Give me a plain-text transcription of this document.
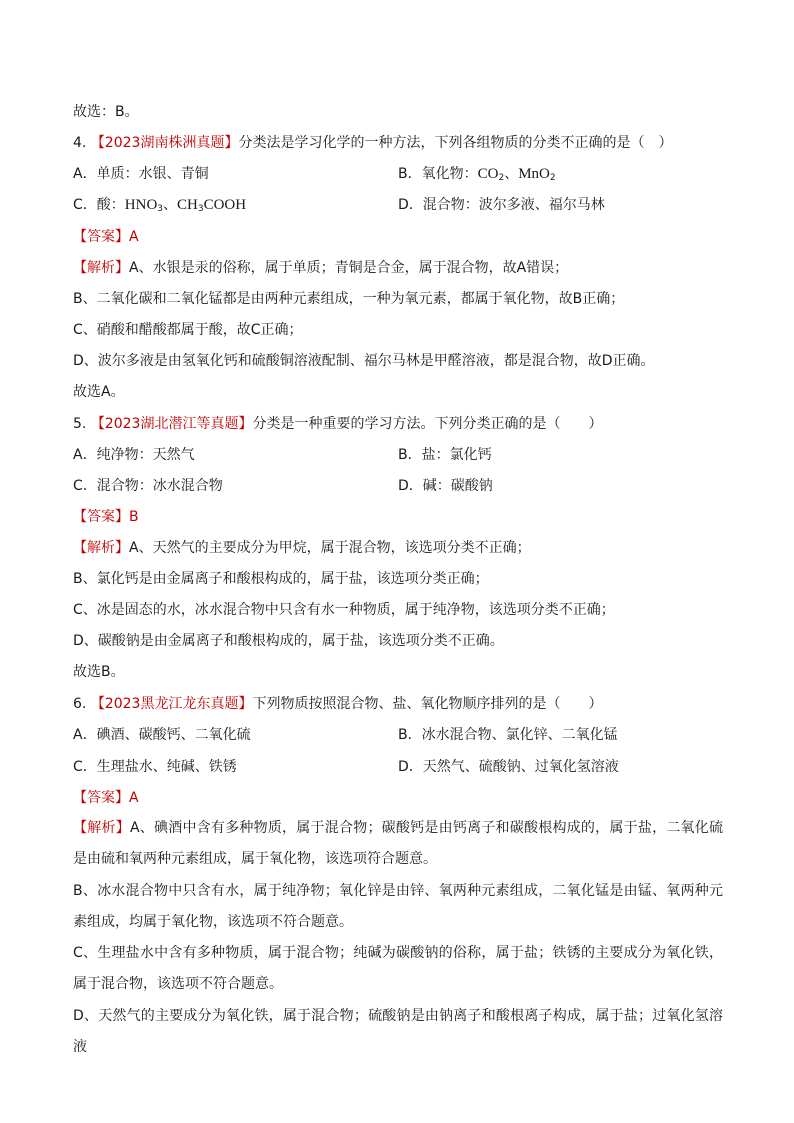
故选：B。
4. 【2023湖南株洲真题】分类法是学习化学的一种方法，下列各组物质的分类不正确的是（　）
A．单质：水银、青铜	B．氧化物：$CO_2$、MnO$_2$
C．酸：$HNO_3$、$CH_3COOH$	D．混合物：波尔多液、福尔马林
【答案】A
【解析】A、水银是汞的俗称，属于单质；青铜是合金，属于混合物，故A错误；
B、二氧化碳和二氧化锰都是由两种元素组成，一种为氧元素，都属于氧化物，故B正确；
C、硝酸和醋酸都属于酸，故C正确；
D、波尔多液是由氢氧化钙和硫酸铜溶液配制、福尔马林是甲醛溶液，都是混合物，故D正确。
故选A。
5. 【2023湖北潜江等真题】分类是一种重要的学习方法。下列分类正确的是（　　）
A．纯净物：天然气	B．盐：氯化钙
C．混合物：冰水混合物	D．碱：碳酸钠
【答案】B
【解析】A、天然气的主要成分为甲烷，属于混合物，该选项分类不正确；
B、氯化钙是由金属离子和酸根构成的，属于盐，该选项分类正确；
C、冰是固态的水，冰水混合物中只含有水一种物质，属于纯净物，该选项分类不正确；
D、碳酸钠是由金属离子和酸根构成的，属于盐，该选项分类不正确。
故选B。
6. 【2023黑龙江龙东真题】下列物质按照混合物、盐、氧化物顺序排列的是（　　）
A．碘酒、碳酸钙、二氧化硫	B．冰水混合物、氯化锌、二氧化锰
C．生理盐水、纯碱、铁锈	D．天然气、硫酸钠、过氧化氢溶液
【答案】A
【解析】A、碘酒中含有多种物质，属于混合物；碳酸钙是由钙离子和碳酸根构成的，属于盐，二氧化硫是由硫和氧两种元素组成，属于氧化物，该选项符合题意。
B、冰水混合物中只含有水，属于纯净物；氧化锌是由锌、氧两种元素组成，二氧化锰是由锰、氧两种元素组成，均属于氧化物，该选项不符合题意。
C、生理盐水中含有多种物质，属于混合物；纯碱为碳酸钠的俗称，属于盐；铁锈的主要成分为氧化铁，属于混合物，该选项不符合题意。
D、天然气的主要成分为氧化铁，属于混合物；硫酸钠是由钠离子和酸根离子构成，属于盐；过氧化氢溶液
